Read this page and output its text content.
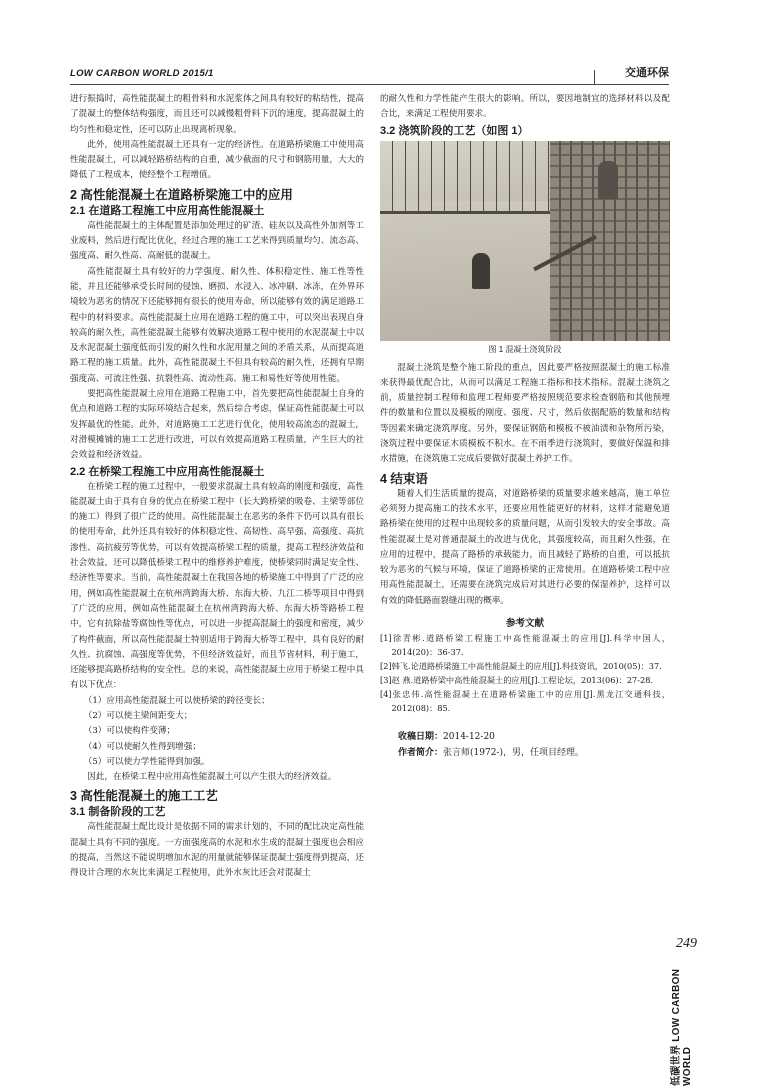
LOW CARBON WORLD 2015/1	交通环保

进行振捣时，高性能混凝土的粗骨料和水泥浆体之间具有较好的粘结性，提高了混凝土的整体结构强度，而且还可以减慢粗骨料下沉的速度，提高混凝土的均匀性和稳定性，还可以防止出现离析现象。

此外，使用高性能混凝土还具有一定的经济性。在道路桥梁施工中使用高性能混凝土，可以减轻路桥结构的自重，减少截面的尺寸和钢筋用量，大大的降低了工程成本，使经整个工程增值。

2 高性能混凝土在道路桥梁施工中的应用
2.1 在道路工程施工中应用高性能混凝土

高性能混凝土的主体配置是添加处理过的矿渣、硅灰以及高性外加剂等工业废料，然后进行配比优化，经过合理的施工工艺来得到质量均匀、流态高、强度高、耐久性高、高耐低的混凝土。

高性能混凝土具有较好的力学强度、耐久性、体积稳定性、施工性等性能，并且还能够承受长时间的侵蚀、磨损、水浸入、冰冲刷、冰冻，在外界环境较为恶劣的情况下还能够拥有很长的使用寿命，所以能够有效的满足道路工程中的材料要求。高性能混凝土应用在道路工程的施工中，可以突出表现自身较高的耐久性，高性能混凝土能够有效解决道路工程中使用的水泥混凝土中以及水泥混凝土强度低而引发的耐久性和水泥用量之间的矛盾关系，从而提高道路工程的施工质量。此外，高性能混凝土不但具有较高的耐久性，还拥有早期强度高、可流注性强、抗裂性高、流动性高、施工和易性好等使用性能。

要把高性能混凝土应用在道路工程施工中，首先要把高性能混凝土自身的优点和道路工程的实际环境结合起来，然后综合考虑，保证高性能混凝土可以发挥最优的性能。此外，对道路施工工艺进行优化，使用较高流态的混凝土，对滑模摊铺的施工工艺进行改进，可以有效提高道路工程质量，产生巨大的社会效益和经济效益。

2.2 在桥梁工程施工中应用高性能混凝土

在桥梁工程的施工过程中，一般要求混凝土具有较高的刚度和强度，高性能混凝土由于具有自身的优点在桥梁工程中（长大跨桥梁的吸卷、主梁等部位的施工）得到了很广泛的使用。高性能混凝土在恶劣的条件下仍可以具有很长的使用寿命，此外还具有较好的体积稳定性、高韧性、高早强、高强度、高抗渗性、高抗疲劳等优势，可以有效提高桥梁工程的质量，提高工程经济效益和社会效益，还可以降低桥梁工程中的维修养护难度，使桥梁同时满足安全性、经济性等要求。当前，高性能混凝土在我国各地的桥梁施工中得到了广泛的应用，例如高性能混凝土在杭州湾跨海大桥、东海大桥、九江二桥等项目中得到了广泛的应用，例如高性能混凝土在杭州湾跨海大桥、东海大桥等路桥工程中，它有抗除盐等腐蚀性等优点，可以进一步提高混凝土的强度和密度，减少了构件截面，所以高性能混凝土特别适用于跨海大桥等工程中，具有良好的耐久性、抗腐蚀、高强度等优势，不但经济效益好，而且节省材料，利于施工，还能够提高路桥结构的安全性。总的来说，高性能混凝土应用于桥梁工程中具有以下优点：

（1）应用高性能混凝土可以使桥梁的跨径变长；

（2）可以使主梁间距变大；

（3）可以使构件变薄；

（4）可以使耐久性得到增强；

（5）可以使力学性能得到加强。

因此，在桥梁工程中应用高性能混凝土可以产生很大的经济效益。

3 高性能混凝土的施工工艺
3.1 制备阶段的工艺

高性能混凝土配比设计是依据不同的需求计划的，不同的配比决定高性能混凝土具有不同的强度。一方面强度高的水泥和水生成的混凝土强度也会相应的提高，当然这不能说明增加水泥的用量就能够保证混凝土强度得到提高，还得设计合理的水灰比来满足工程使用，此外水灰比还会对混凝土

的耐久性和力学性能产生很大的影响。所以，要因地制宜的选择材料以及配合比，来满足工程使用要求。

3.2 浇筑阶段的工艺（如图 1）
图 1 混凝土浇筑阶段

混凝土浇筑是整个施工阶段的重点，因此要严格按照混凝土的施工标准来获得最优配合比，从而可以满足工程施工指标和技术指标。混凝土浇筑之前，质量控制工程师和监理工程师要严格按照规范要求检查钢筋和其他预埋件的数量和位置以及模板的刚度、强度、尺寸，然后依据配筋的数量和结构等因素来确定浇筑厚度。另外，要保证钢筋和模板不被油渍和杂物所污染，浇筑过程中要保证木质模板不积水。在不雨季进行浇筑时，要做好保温和排水措施，在浇筑施工完成后要做好混凝土养护工作。

4 结束语

随着人们生活质量的提高，对道路桥梁的质量要求越来越高，施工单位必须努力提高施工的技术水平，还要应用性能更好的材料，这样才能避免道路桥梁在使用的过程中出现较多的质量问题，从而引发较大的安全事故。高性能混凝土是对普通混凝土的改进与优化，其强度较高，而且耐久性强，在应用的过程中，提高了路桥的承载能力，而且减轻了路桥的自重，可以抵抗较为恶劣的气候与环境，保证了道路桥梁的正常使用。在道路桥梁工程中应用高性能混凝土，还需要在浇筑完成后对其进行必要的保湿养护，这样可以有效的降低路面裂缝出现的概率。

参考文献

[1]徐青彬.道路桥梁工程施工中高性能混凝土的应用[J].科学中国人，2014(20)：36-37.

[2]韩飞.论道路桥梁施工中高性能混凝土的应用[J].科技资讯，2010(05)：37.

[3]赵 燕.道路桥梁中高性能混凝土的应用[J].工程论坛，2013(06)：27-28.

[4]张忠伟.高性能混凝土在道路桥梁施工中的应用[J].黑龙江交通科技，2012(08)：85.

收稿日期：2014-12-20

作者简介：张言师(1972-)，男，任项目经理。

低碳世界 LOW CARBON WORLD
249
